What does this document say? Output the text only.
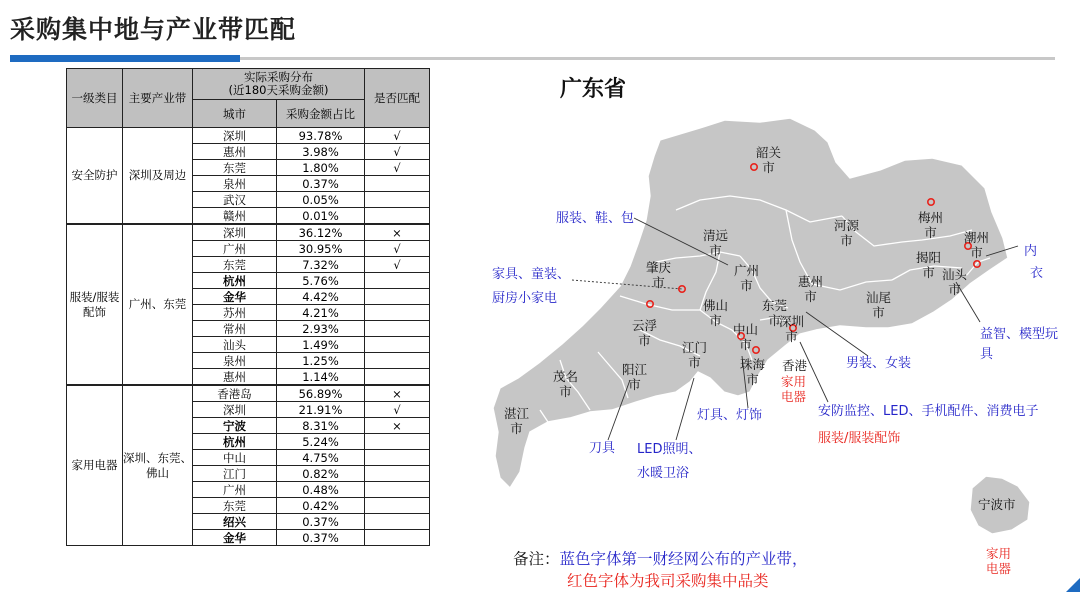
采购集中地与产业带匹配
一级类目	主要产业带	实际采购分布
(近180天采购金额)		是否匹配
		城市	采购金额占比	
安全防护	深圳及周边	深圳	93.78%	√
		惠州	3.98%	√
		东莞	1.80%	√
		泉州	0.37%	
		武汉	0.05%	
		赣州	0.01%	
服装/服装配饰	广州、东莞	深圳	36.12%	×
		广州	30.95%	√
		东莞	7.32%	√
		杭州	5.76%	
		金华	4.42%	
		苏州	4.21%	
		常州	2.93%	
		汕头	1.49%	
		泉州	1.25%	
		惠州	1.14%	
家用电器	深圳、东莞、佛山	香港岛	56.89%	×
		深圳	21.91%	√
		宁波	8.31%	×
		杭州	5.24%	
		中山	4.75%	
		江门	0.82%	
		广州	0.48%	
		东莞	0.42%	
		绍兴	0.37%	
		金华	0.37%	
广东省
韶关
市
清远
市
河源
市
梅州
市	潮州
市
肇庆
市
广州
市	惠州
市
揭阳
市 汕头
市
汕尾
市
佛山
市
东莞
市
深圳
市
云浮
市
中山
市
江门
市	珠海
市
香港
阳江
市
茂名
市
湛江
市
宁波市
家用
电器
家用
电器
服装/服装配饰
服装、鞋、包
家具、童装、
厨房小家电
内
衣
益智、模型玩
具
男装、女装
灯具、灯饰	安防监控、LED、手机配件、消费电子
刀具 LED照明、
水暖卫浴
备注：蓝色字体第一财经网公布的产业带，
红色字体为我司采购集中品类
